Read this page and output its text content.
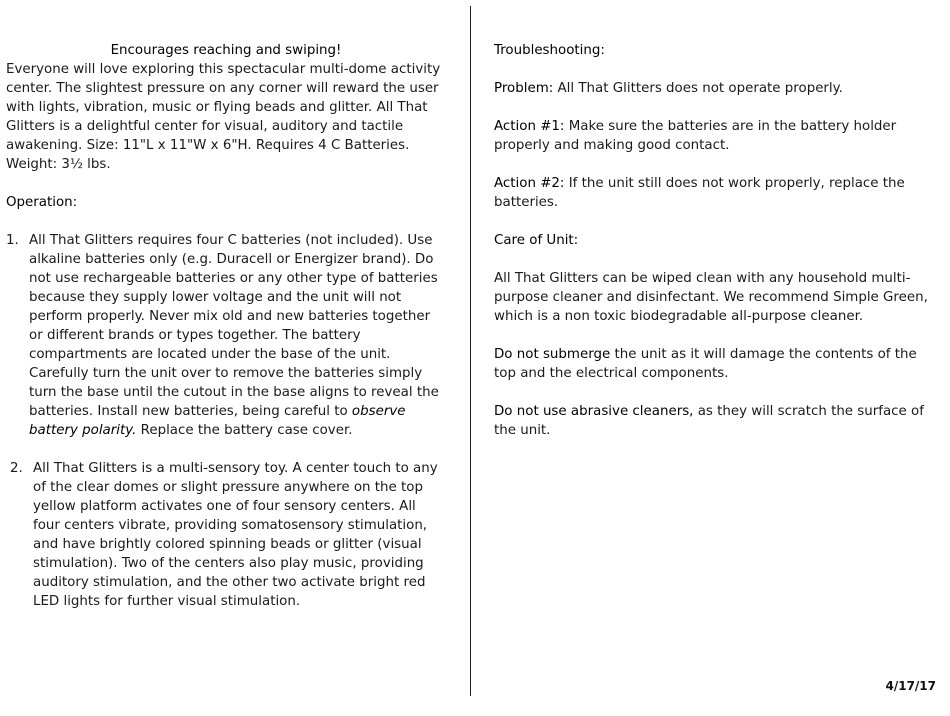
Encourages reaching and swiping!

Everyone will love exploring this spectacular multi-dome activity center. The slightest pressure on any corner will reward the user with lights, vibration, music or flying beads and glitter. All That Glitters is a delightful center for visual, auditory and tactile awakening. Size: 11"L x 11"W x 6"H. Requires 4 C Batteries. Weight: 3½ lbs.

Operation:

1. All That Glitters requires four C batteries (not included). Use alkaline batteries only (e.g. Duracell or Energizer brand). Do not use rechargeable batteries or any other type of batteries because they supply lower voltage and the unit will not perform properly. Never mix old and new batteries together or different brands or types together. The battery compartments are located under the base of the unit. Carefully turn the unit over to remove the batteries simply turn the base until the cutout in the base aligns to reveal the batteries. Install new batteries, being careful to observe battery polarity. Replace the battery case cover.
2. All That Glitters is a multi-sensory toy. A center touch to any of the clear domes or slight pressure anywhere on the top yellow platform activates one of four sensory centers. All four centers vibrate, providing somatosensory stimulation, and have brightly colored spinning beads or glitter (visual stimulation). Two of the centers also play music, providing auditory stimulation, and the other two activate bright red LED lights for further visual stimulation.

Troubleshooting:

Problem: All That Glitters does not operate properly.

Action #1: Make sure the batteries are in the battery holder properly and making good contact.

Action #2: If the unit still does not work properly, replace the batteries.

Care of Unit:

All That Glitters can be wiped clean with any household multi-purpose cleaner and disinfectant. We recommend Simple Green, which is a non toxic biodegradable all-purpose cleaner.

Do not submerge the unit as it will damage the contents of the top and the electrical components.

Do not use abrasive cleaners, as they will scratch the surface of the unit.

4/17/17
